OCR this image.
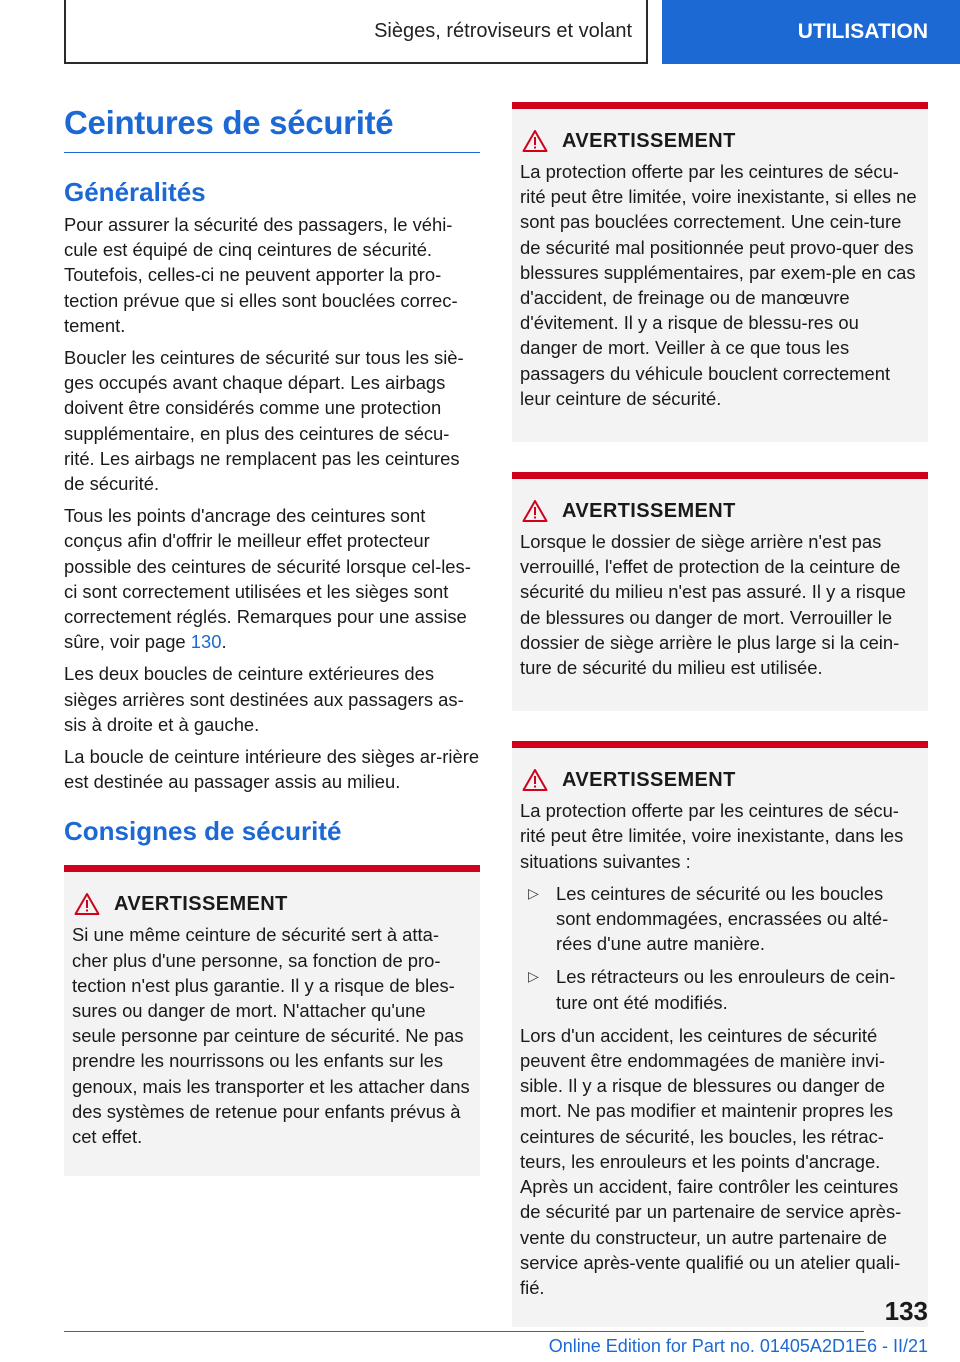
Sièges, rétroviseurs et volant	UTILISATION
Ceintures de sécurité
Généralités

Pour assurer la sécurité des passagers, le véhi-cule est équipé de cinq ceintures de sécurité. Toutefois, celles-ci ne peuvent apporter la pro-tection prévue que si elles sont bouclées correc-tement.

Boucler les ceintures de sécurité sur tous les siè-ges occupés avant chaque départ. Les airbags doivent être considérés comme une protection supplémentaire, en plus des ceintures de sécu-rité. Les airbags ne remplacent pas les ceintures de sécurité.

Tous les points d'ancrage des ceintures sont conçus afin d'offrir le meilleur effet protecteur possible des ceintures de sécurité lorsque cel-les-ci sont correctement utilisées et les sièges sont correctement réglés. Remarques pour une assise sûre, voir page 130.

Les deux boucles de ceinture extérieures des sièges arrières sont destinées aux passagers as-sis à droite et à gauche.

La boucle de ceinture intérieure des sièges ar-rière est destinée au passager assis au milieu.

Consignes de sécurité
AVERTISSEMENT

Si une même ceinture de sécurité sert à atta-cher plus d'une personne, sa fonction de pro-tection n'est plus garantie. Il y a risque de bles-sures ou danger de mort. N'attacher qu'une seule personne par ceinture de sécurité. Ne pas prendre les nourrissons ou les enfants sur les genoux, mais les transporter et les attacher dans des systèmes de retenue pour enfants prévus à cet effet.

AVERTISSEMENT

La protection offerte par les ceintures de sécu-rité peut être limitée, voire inexistante, si elles ne sont pas bouclées correctement. Une cein-ture de sécurité mal positionnée peut provo-quer des blessures supplémentaires, par exem-ple en cas d'accident, de freinage ou de manœuvre d'évitement. Il y a risque de blessu-res ou danger de mort. Veiller à ce que tous les passagers du véhicule bouclent correctement leur ceinture de sécurité.

AVERTISSEMENT

Lorsque le dossier de siège arrière n'est pas verrouillé, l'effet de protection de la ceinture de sécurité du milieu n'est pas assuré. Il y a risque de blessures ou danger de mort. Verrouiller le dossier de siège arrière le plus large si la cein-ture de sécurité du milieu est utilisée.

AVERTISSEMENT

La protection offerte par les ceintures de sécu-rité peut être limitée, voire inexistante, dans les situations suivantes :

▷ Les ceintures de sécurité ou les boucles sont endommagées, encrassées ou alté-rées d'une autre manière.
▷ Les rétracteurs ou les enrouleurs de cein-ture ont été modifiés.

Lors d'un accident, les ceintures de sécurité peuvent être endommagées de manière invi-sible. Il y a risque de blessures ou danger de mort. Ne pas modifier et maintenir propres les ceintures de sécurité, les boucles, les rétrac-teurs, les enrouleurs et les points d'ancrage. Après un accident, faire contrôler les ceintures de sécurité par un partenaire de service après-vente du constructeur, un autre partenaire de service après-vente qualifié ou un atelier quali-fié.

133
Online Edition for Part no. 01405A2D1E6 - II/21
